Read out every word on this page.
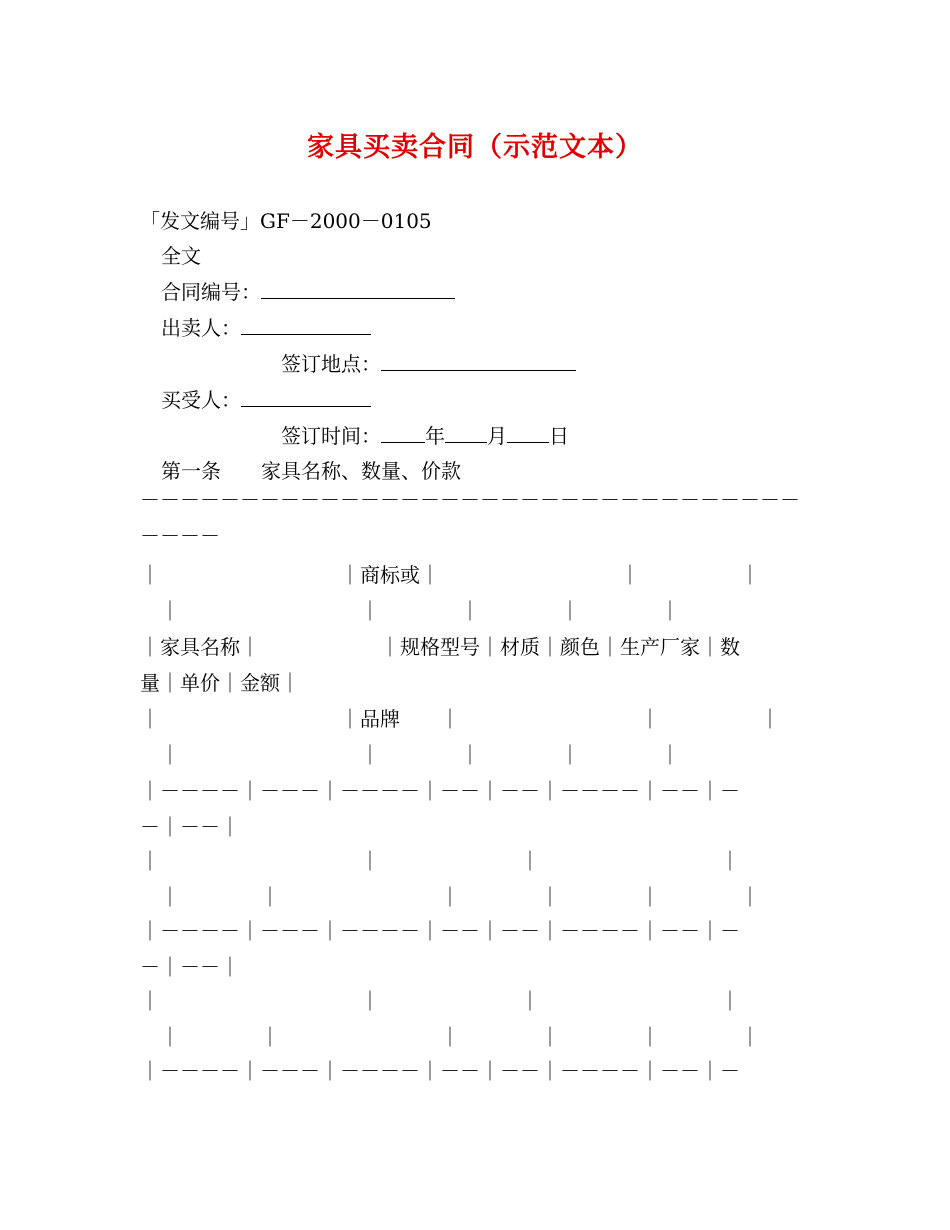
家具买卖合同（示范文本）
「发文编号」GF－2000－0105
全文
合同编号：
出卖人：
签订地点：
买受人：
签订时间： 年 月 日
第一条　　家具名称、数量、价款
－－－－－－－－－－－－－－－－－－－－－－－－－－－－－－－－－
－－－－
｜　　　　　　　　　｜商标或｜　　　　　　　　　｜　　　　　｜
　｜　　　　　　　　　｜　　　　｜　　　　｜　　　　｜
｜家具名称｜　　　　　　｜规格型号｜材质｜颜色｜生产厂家｜数
量｜单价｜金额｜
｜　　　　　　　　　｜品牌　　｜　　　　　　　　　｜　　　　　｜
　｜　　　　　　　　　｜　　　　｜　　　　｜　　　　｜
｜－－－－｜－－－｜－－－－｜－－｜－－｜－－－－｜－－｜－
－｜－－｜
｜　　　　　　　　　　｜　　　　　　　｜　　　　　　　　　｜
　｜　　　　｜　　　　　　　　｜　　　　｜　　　　｜　　　　｜
｜－－－－｜－－－｜－－－－｜－－｜－－｜－－－－｜－－｜－
－｜－－｜
｜　　　　　　　　　　｜　　　　　　　｜　　　　　　　　　｜
　｜　　　　｜　　　　　　　　｜　　　　｜　　　　｜　　　　｜
｜－－－－｜－－－｜－－－－｜－－｜－－｜－－－－｜－－｜－
